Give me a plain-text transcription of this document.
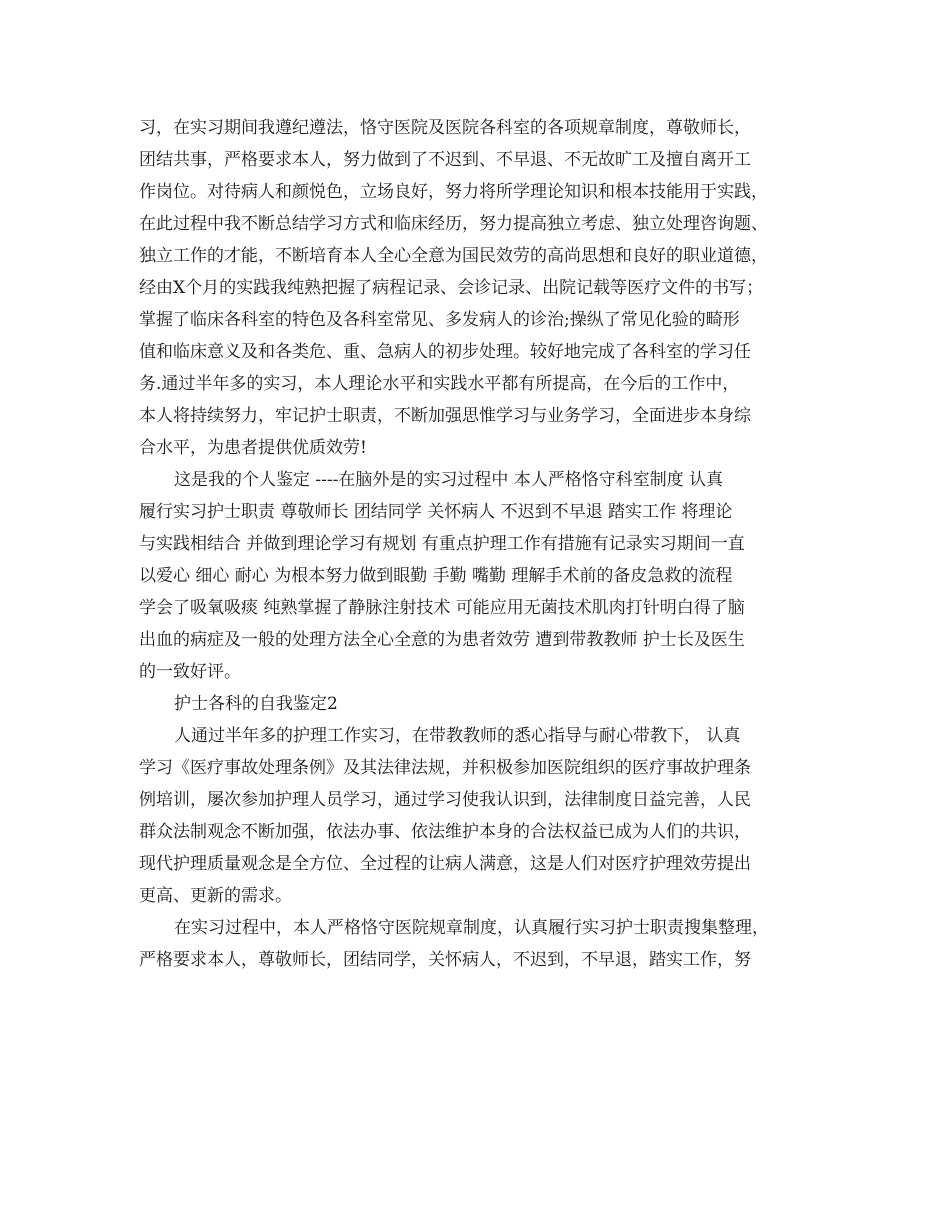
习，在实习期间我遵纪遵法，恪守医院及医院各科室的各项规章制度，尊敬师长，
团结共事，严格要求本人，努力做到了不迟到、不早退、不无故旷工及擅自离开工
作岗位。对待病人和颜悦色，立场良好，努力将所学理论知识和根本技能用于实践，
在此过程中我不断总结学习方式和临床经历，努力提高独立考虑、独立处理咨询题、
独立工作的才能，不断培育本人全心全意为国民效劳的高尚思想和良好的职业道德，
经由X个月的实践我纯熟把握了病程记录、会诊记录、出院记载等医疗文件的书写；
掌握了临床各科室的特色及各科室常见、多发病人的诊治;操纵了常见化验的畸形
值和临床意义及和各类危、重、急病人的初步处理。较好地完成了各科室的学习任
务.通过半年多的实习，本人理论水平和实践水平都有所提高，在今后的工作中，
本人将持续努力，牢记护士职责，不断加强思惟学习与业务学习，全面进步本身综
合水平，为患者提供优质效劳!
这是我的个人鉴定 ----在脑外是的实习过程中 本人严格恪守科室制度 认真
履行实习护士职责 尊敬师长 团结同学 关怀病人 不迟到不早退 踏实工作 将理论
与实践相结合 并做到理论学习有规划 有重点护理工作有措施有记录实习期间一直
以爱心 细心 耐心 为根本努力做到眼勤 手勤 嘴勤 理解手术前的备皮急救的流程
学会了吸氧吸痰 纯熟掌握了静脉注射技术 可能应用无菌技术肌肉打针明白得了脑
出血的病症及一般的处理方法全心全意的为患者效劳 遭到带教教师 护士长及医生
的一致好评。
护士各科的自我鉴定2
人通过半年多的护理工作实习，在带教教师的悉心指导与耐心带教下， 认真
学习《医疗事故处理条例》及其法律法规，并积极参加医院组织的医疗事故护理条
例培训，屡次参加护理人员学习，通过学习使我认识到，法律制度日益完善，人民
群众法制观念不断加强，依法办事、依法维护本身的合法权益已成为人们的共识，
现代护理质量观念是全方位、全过程的让病人满意，这是人们对医疗护理效劳提出
更高、更新的需求。
在实习过程中，本人严格恪守医院规章制度，认真履行实习护士职责搜集整理，
严格要求本人，尊敬师长，团结同学，关怀病人，不迟到，不早退，踏实工作，努
